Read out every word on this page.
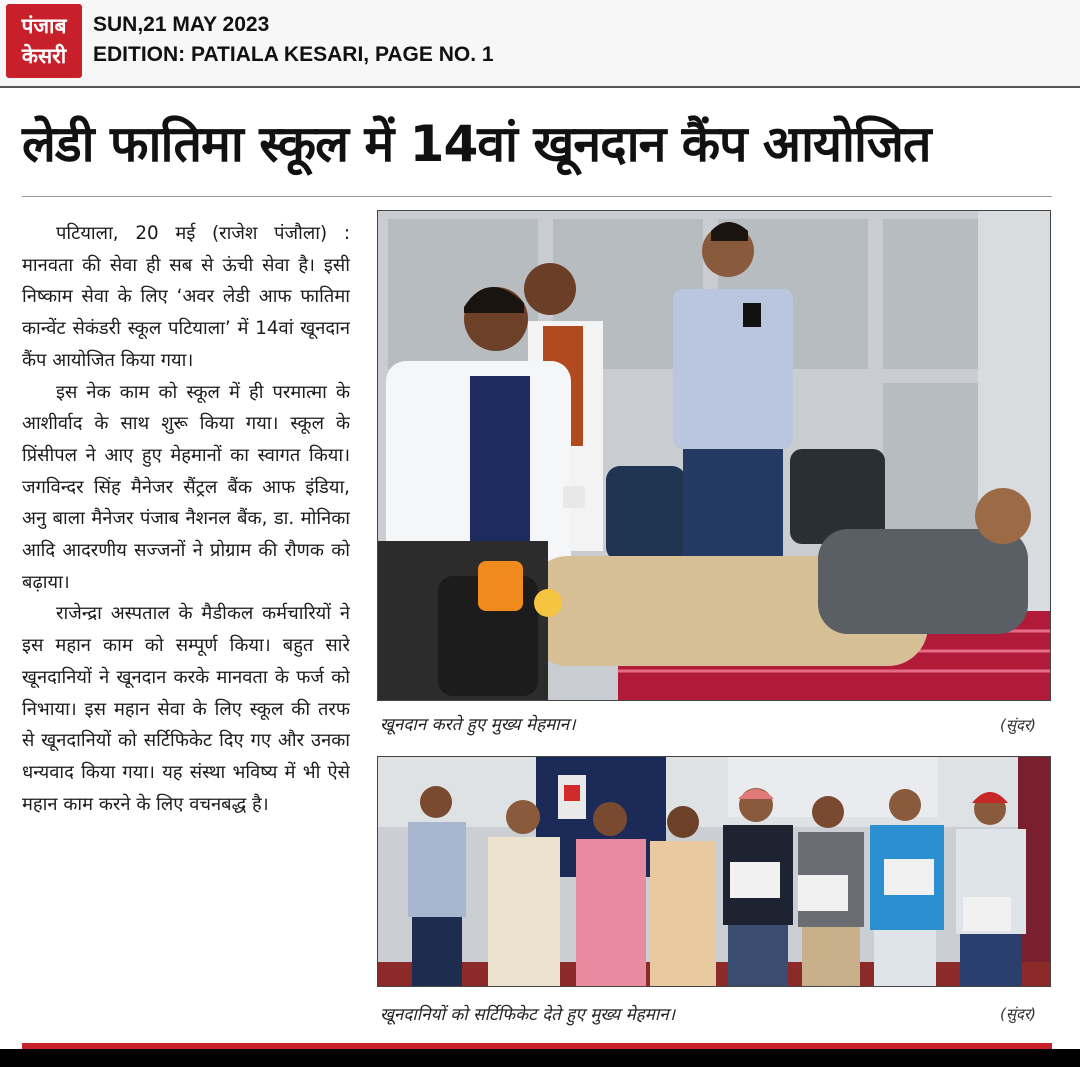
पंजाब
केसरी
SUN,21 MAY 2023
EDITION: PATIALA KESARI, PAGE NO. 1
लेडी फातिमा स्कूल में 14वां खूनदान कैंप आयोजित

पटियाला, 20 मई (राजेश पंजौला) : मानवता की सेवा ही सब से ऊंची सेवा है। इसी निष्काम सेवा के लिए ‘अवर लेडी आफ फातिमा कान्वेंट सेकंडरी स्कूल पटियाला’ में 14वां खूनदान कैंप आयोजित किया गया।

इस नेक काम को स्कूल में ही परमात्मा के आशीर्वाद के साथ शुरू किया गया। स्कूल के प्रिंसीपल ने आए हुए मेहमानों का स्वागत किया। जगविन्दर सिंह मैनेजर सैंट्रल बैंक आफ इंडिया, अनु बाला मैनेजर पंजाब नैशनल बैंक, डा. मोनिका आदि आदरणीय सज्जनों ने प्रोग्राम की रौणक को बढ़ाया।

राजेन्द्रा अस्पताल के मैडीकल कर्मचारियों ने इस महान काम को सम्पूर्ण किया। बहुत सारे खूनदानियों ने खूनदान करके मानवता के फर्ज को निभाया। इस महान सेवा के लिए स्कूल की तरफ से खूनदानियों को सर्टिफिकेट दिए गए और उनका धन्यवाद किया गया। यह संस्था भविष्य में भी ऐसे महान काम करने के लिए वचनबद्ध है।

खूनदान करते हुए मुख्य मेहमान।	(सुंदर)
खूनदानियों को सर्टिफिकेट देते हुए मुख्य मेहमान।	(सुंदर)
